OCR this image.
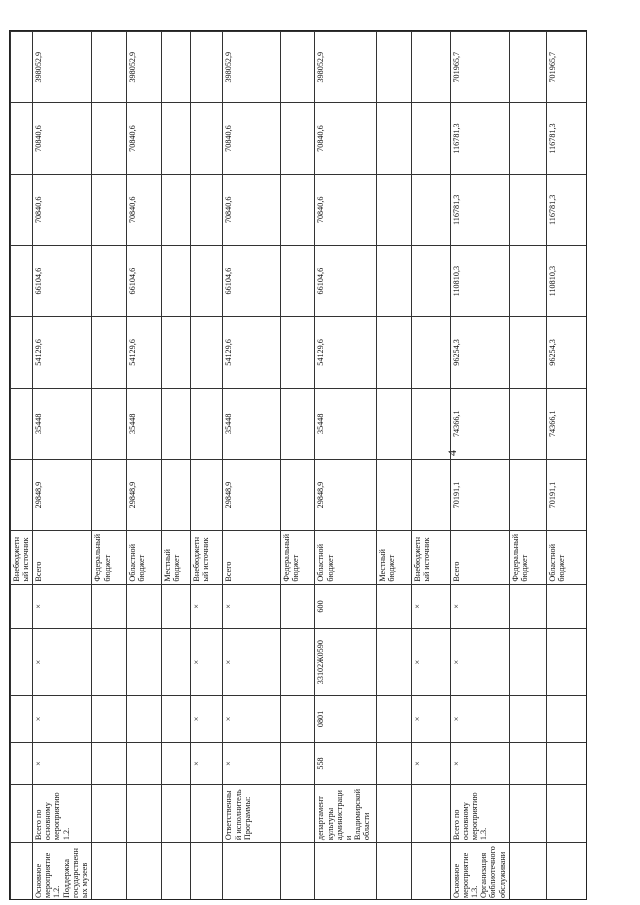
4
						Внебюджетный источник							
Основное мероприятие 1.2. Поддержка государственных музеев	Всего по основному мероприятию 1.2.	×	×	×	×	Всего	29848,9	35448	54129,6	66104,6	70840,6	70840,6	398052,9
						Федеральный бюджет							
						Областной бюджет	29848,9	35448	54129,6	66104,6	70840,6	70840,6	398052,9
						Местный бюджет							
		×	×	×	×	Внебюджетный источник							
	Ответственный исполнитель Программы:	×	×	×	×	Всего	29848,9	35448	54129,6	66104,6	70840,6	70840,6	398052,9
						Федеральный бюджет							
	департамент культуры администрации Владимирской области	558	0801	33102Ж0590	600	Областной бюджет	29848,9	35448	54129,6	66104,6	70840,6	70840,6	398052,9
						Местный бюджет							
		×	×	×	×	Внебюджетный источник							
Основное мероприятие 1.3. Организация библиотечного обслуживани	Всего по основному мероприятию 1.3.	×	×	×	×	Всего	70191,1	74366,1	96254,3	110810,3	116781,3	116781,3	701965,7
						Федеральный бюджет							
						Областной бюджет	70191,1	74366,1	96254,3	110810,3	116781,3	116781,3	701965,7
